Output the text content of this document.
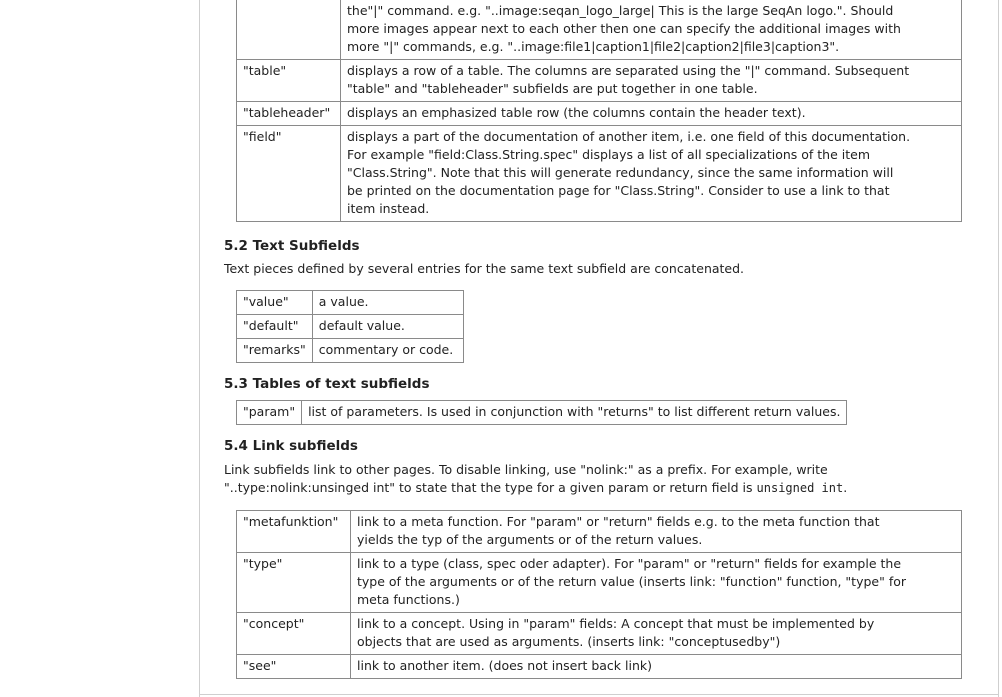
	the"|" command. e.g. "..image:seqan_logo_large| This is the large SeqAn logo.". Should
more images appear next to each other then one can specify the additional images with
more "|" commands, e.g. "..image:file1|caption1|file2|caption2|file3|caption3".

"table"	displays a row of a table. The columns are separated using the "|" command. Subsequent
"table" and "tableheader" subfields are put together in one table.

"tableheader"	displays an emphasized table row (the columns contain the header text).

"field"	displays a part of the documentation of another item, i.e. one field of this documentation.
For example "field:Class.String.spec" displays a list of all specializations of the item
"Class.String". Note that this will generate redundancy, since the same information will
be printed on the documentation page for "Class.String". Consider to use a link to that
item instead.
5.2 Text Subfields

Text pieces defined by several entries for the same text subfield are concatenated.

"value"	a value.
"default"	default value.
"remarks"	commentary or code.
5.3 Tables of text subfields
"param"	list of parameters. Is used in conjunction with "returns" to list different return values.
5.4 Link subfields

Link subfields link to other pages. To disable linking, use "nolink:" as a prefix. For example, write

"..type:nolink:unsinged int" to state that the type for a given param or return field is unsigned int.

"metafunktion"	link to a meta function. For "param" or "return" fields e.g. to the meta function that
yields the typ of the arguments or of the return values.

"type"	link to a type (class, spec oder adapter). For "param" or "return" fields for example the
type of the arguments or of the return value (inserts link: "function" function, "type" for
meta functions.)

"concept"	link to a concept. Using in "param" fields: A concept that must be implemented by
objects that are used as arguments. (inserts link: "conceptusedby")

"see"	link to another item. (does not insert back link)
